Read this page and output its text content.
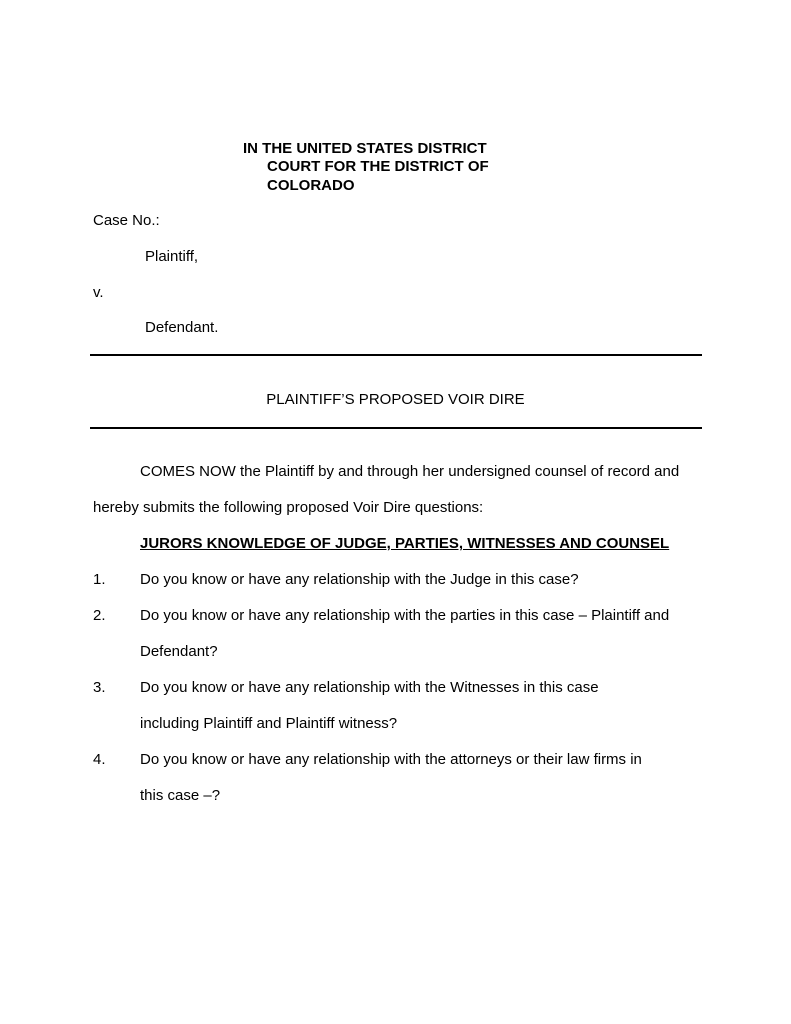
IN THE UNITED STATES DISTRICT
COURT FOR THE DISTRICT OF
COLORADO
Case No.:
Plaintiff,
v.
Defendant.
PLAINTIFF’S PROPOSED VOIR DIRE
COMES NOW the Plaintiff by and through her undersigned counsel of record and
hereby submits the following proposed Voir Dire questions:
JURORS KNOWLEDGE OF JUDGE, PARTIES, WITNESSES AND COUNSEL
1. Do you know or have any relationship with the Judge in this case?
2. Do you know or have any relationship with the parties in this case – Plaintiff and
Defendant?
3. Do you know or have any relationship with the Witnesses in this case
including Plaintiff and Plaintiff witness?
4. Do you know or have any relationship with the attorneys or their law firms in
this case –?
